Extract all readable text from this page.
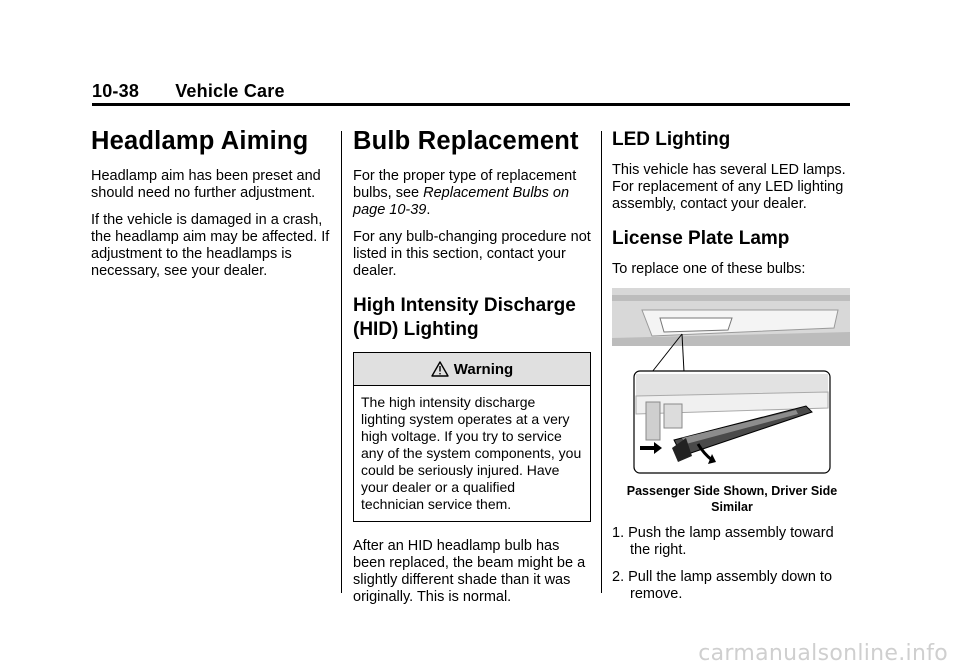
10-38 Vehicle Care
Headlamp Aiming

Headlamp aim has been preset and should need no further adjustment.

If the vehicle is damaged in a crash, the headlamp aim may be affected. If adjustment to the headlamps is necessary, see your dealer.

Bulb Replacement

For the proper type of replacement bulbs, see Replacement Bulbs on page 10-39.

For any bulb-changing procedure not listed in this section, contact your dealer.

High Intensity Discharge (HID) Lighting
Warning
The high intensity discharge lighting system operates at a very high voltage. If you try to service any of the system components, you could be seriously injured. Have your dealer or a qualified technician service them.

After an HID headlamp bulb has been replaced, the beam might be a slightly different shade than it was originally. This is normal.

LED Lighting

This vehicle has several LED lamps. For replacement of any LED lighting assembly, contact your dealer.

License Plate Lamp

To replace one of these bulbs:

Passenger Side Shown, Driver Side Similar
1. Push the lamp assembly toward the right.
2. Pull the lamp assembly down to remove.
carmanualsonline.info
